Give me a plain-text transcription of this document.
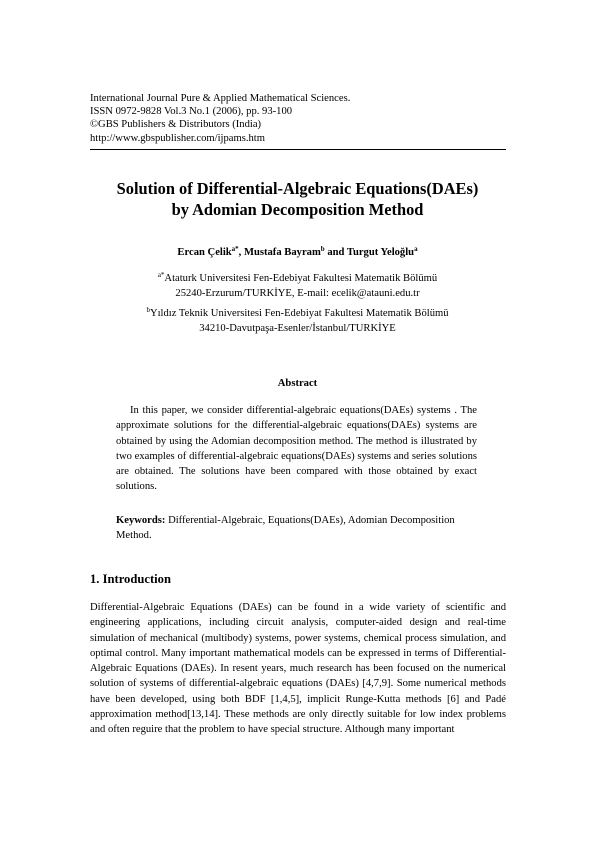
International Journal Pure & Applied Mathematical Sciences.
ISSN 0972-9828 Vol.3 No.1 (2006), pp. 93-100
©GBS Publishers & Distributors (India)
http://www.gbspublisher.com/ijpams.htm
Solution of Differential-Algebraic Equations(DAEs)
by Adomian Decomposition Method
Ercan Çelik$^{a*}$, Mustafa Bayram$^b$ and Turgut Yeloğlu$^a$
$^{a*}$Ataturk Universitesi Fen-Edebiyat Fakultesi Matematik Bölümü
25240-Erzurum/TURKİYE, E-mail: ecelik@atauni.edu.tr
$^b$Yıldız Teknik Universitesi Fen-Edebiyat Fakultesi Matematik Bölümü
34210-Davutpaşa-Esenler/İstanbul/TURKİYE
Abstract

In this paper, we consider differential-algebraic equations(DAEs) systems . The approximate solutions for the differential-algebraic equations(DAEs) systems are obtained by using the Adomian decomposition method. The method is illustrated by two examples of differential-algebraic equations(DAEs) systems and series solutions are obtained. The solutions have been compared with those obtained by exact solutions.

Keywords: Differential-Algebraic, Equations(DAEs), Adomian Decomposition Method.
1. Introduction

Differential-Algebraic Equations (DAEs) can be found in a wide variety of scientific and engineering applications, including circuit analysis, computer-aided design and real-time simulation of mechanical (multibody) systems, power systems, chemical process simulation, and optimal control. Many important mathematical models can be expressed in terms of Differential-Algebraic Equations (DAEs). In resent years, much research has been focused on the numerical solution of systems of differential-algebraic equations (DAEs) [4,7,9]. Some numerical methods have been developed, using both BDF [1,4,5], implicit Runge-Kutta methods [6] and Padé approximation method[13,14]. These methods are only directly suitable for low index problems and often reguire that the problem to have special structure. Although many important
